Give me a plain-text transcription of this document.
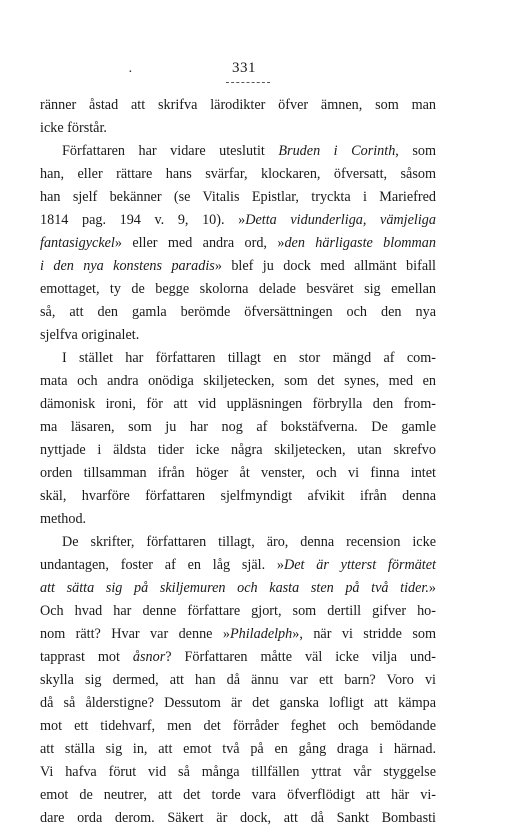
·	331
ränner åstad att skrifva lärodikter öfver ämnen, som man
icke förstår.
Författaren har vidare uteslutit Bruden i Corinth, som
han, eller rättare hans svärfar, klockaren, öfversatt, såsom
han sjelf bekänner (se Vitalis Epistlar, tryckta i Mariefred
1814 pag. 194 v. 9, 10). »Detta vidunderliga, vämjeliga
fantasigyckel» eller med andra ord, »den härligaste blomman
i den nya konstens paradis» blef ju dock med allmänt bifall
emottaget, ty de begge skolorna delade besväret sig emellan
så, att den gamla berömde öfversättningen och den nya
sjelfva originalet.
I stället har författaren tillagt en stor mängd af com-
mata och andra onödiga skiljetecken, som det synes, med en
dämonisk ironi, för att vid uppläsningen förbrylla den from-
ma läsaren, som ju har nog af bokstäfverna. De gamle
nyttjade i äldsta tider icke några skiljetecken, utan skrefvo
orden tillsamman ifrån höger åt venster, och vi finna intet
skäl, hvarföre författaren sjelfmyndigt afvikit ifrån denna
method.
De skrifter, författaren tillagt, äro, denna recension icke
undantagen, foster af en låg själ. »Det är ytterst förmätet
att sätta sig på skiljemuren och kasta sten på två tider.»
Och hvad har denne författare gjort, som dertill gifver ho-
nom rätt? Hvar var denne »Philadelph», när vi stridde som
tapprast mot åsnor? Författaren måtte väl icke vilja und-
skylla sig dermed, att han då ännu var ett barn? Voro vi
då så ålderstigne? Dessutom är det ganska lofligt att kämpa
mot ett tidehvarf, men det förråder feghet och bemödande
att ställa sig in, att emot två på en gång draga i härnad.
Vi hafva förut vid så många tillfällen yttrat vår styggelse
emot de neutrer, att det torde vara öfverflödigt att här vi-
dare orda derom. Säkert är dock, att då Sankt Bombasti
